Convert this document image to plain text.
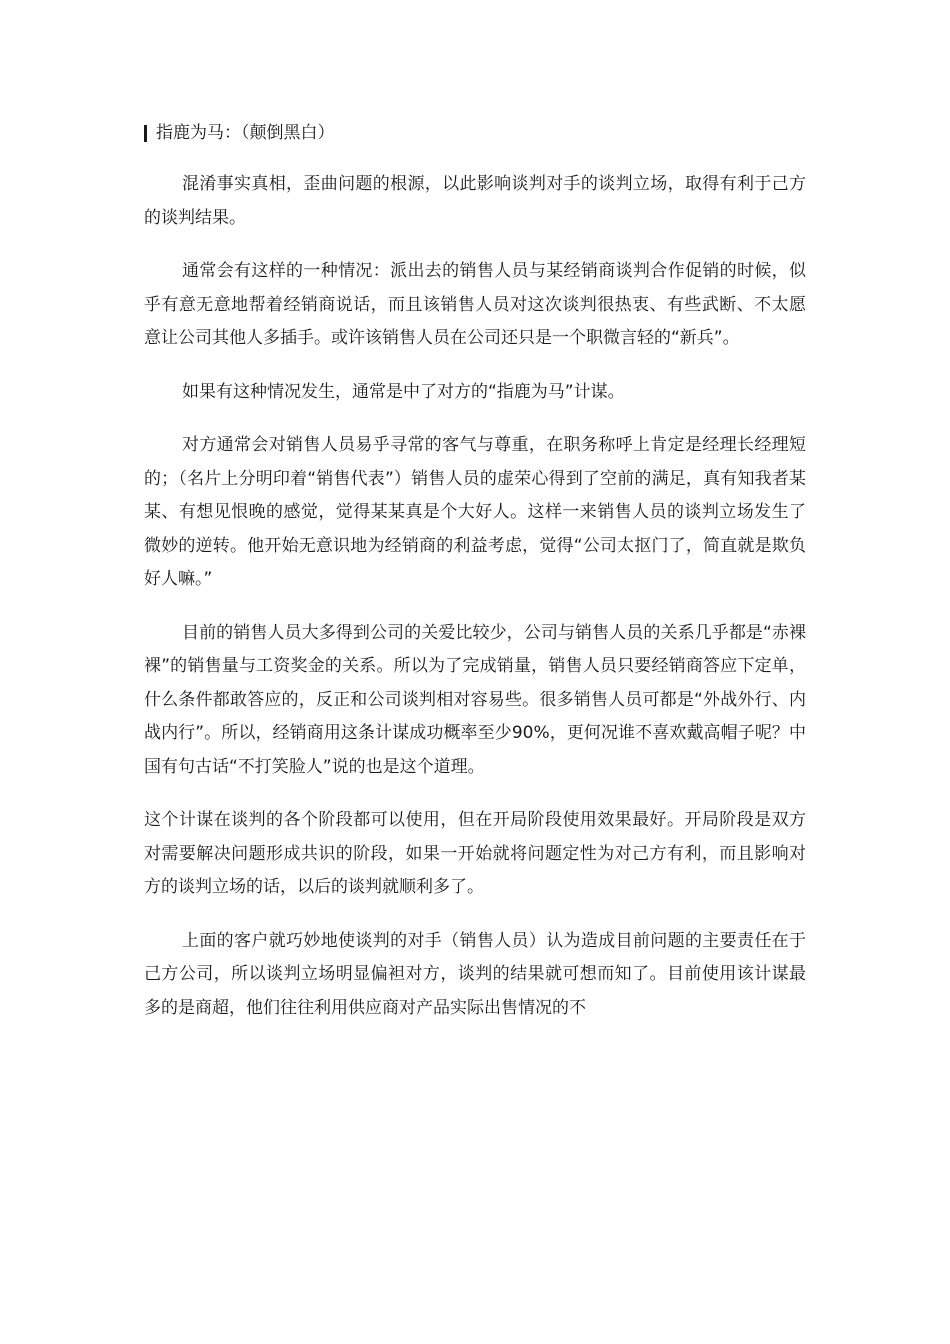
指鹿为马：（颠倒黑白）

混淆事实真相，歪曲问题的根源，以此影响谈判对手的谈判立场，取得有利于己方的谈判结果。

通常会有这样的一种情况：派出去的销售人员与某经销商谈判合作促销的时候，似乎有意无意地帮着经销商说话，而且该销售人员对这次谈判很热衷、有些武断、不太愿意让公司其他人多插手。或许该销售人员在公司还只是一个职微言轻的“新兵”。

如果有这种情况发生，通常是中了对方的“指鹿为马”计谋。

对方通常会对销售人员易乎寻常的客气与尊重，在职务称呼上肯定是经理长经理短的；（名片上分明印着“销售代表”）销售人员的虚荣心得到了空前的满足，真有知我者某某、有想见恨晚的感觉，觉得某某真是个大好人。这样一来销售人员的谈判立场发生了微妙的逆转。他开始无意识地为经销商的利益考虑，觉得“公司太抠门了，简直就是欺负好人嘛。”

目前的销售人员大多得到公司的关爱比较少，公司与销售人员的关系几乎都是“赤裸裸”的销售量与工资奖金的关系。所以为了完成销量，销售人员只要经销商答应下定单，什么条件都敢答应的，反正和公司谈判相对容易些。很多销售人员可都是“外战外行、内战内行”。所以，经销商用这条计谋成功概率至少90%，更何况谁不喜欢戴高帽子呢？中国有句古话“不打笑脸人”说的也是这个道理。

这个计谋在谈判的各个阶段都可以使用，但在开局阶段使用效果最好。开局阶段是双方对需要解决问题形成共识的阶段，如果一开始就将问题定性为对己方有利，而且影响对方的谈判立场的话，以后的谈判就顺利多了。

上面的客户就巧妙地使谈判的对手（销售人员）认为造成目前问题的主要责任在于己方公司，所以谈判立场明显偏袒对方，谈判的结果就可想而知了。目前使用该计谋最多的是商超，他们往往利用供应商对产品实际出售情况的不
